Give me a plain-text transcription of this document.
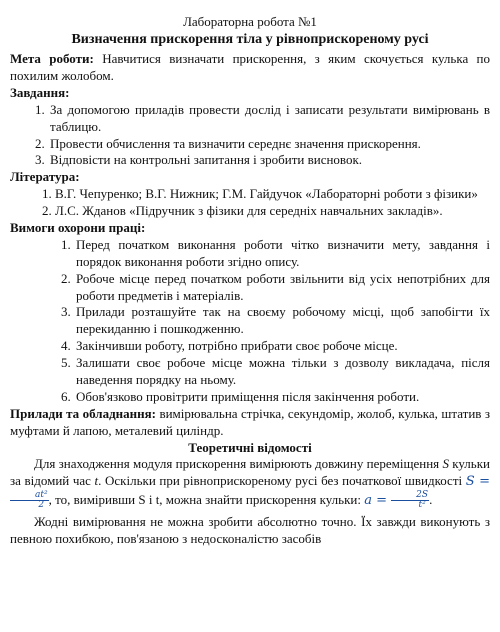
Лабораторна робота №1
Визначення прискорення тіла у рівноприскореному русі

Мета роботи: Навчитися визначати прискорення, з яким скочується кулька по похилим жолобом.

Завдання:
1. За допомогою приладів провести дослід і записати результати вимірювань в таблицю.
2. Провести обчислення та визначити середнє значення прискорення.
3. Відповісти на контрольні запитання і зробити висновок.
Література:
1. В.Г. Чепуренко; В.Г. Нижник; Г.М. Гайдучок «Лабораторні роботи з фізики»
2. Л.С. Жданов «Підручник з фізики для середніх навчальних закладів».
Вимоги охорони праці:
1. Перед початком виконання роботи чітко визначити мету, завдання і порядок виконання роботи згідно опису.
2. Робоче місце перед початком роботи звільнити від усіх непотрібних для роботи предметів і матеріалів.
3. Прилади розташуйте так на своєму робочому місці, щоб запобігти їх перекиданню і пошкодженню.
4. Закінчивши роботу, потрібно прибрати своє робоче місце.
5. Залишати своє робоче місце можна тільки з дозволу викладача, після наведення порядку на ньому.
6. Обов'язково провітрити приміщення після закінчення роботи.

Прилади та обладнання: вимірювальна стрічка, секундомір, жолоб, кулька, штатив з муфтами й лапою, металевий циліндр.

Теоретичні відомості

Для знаходження модуля прискорення вимірюють довжину переміщення S кульки за відомий час t. Оскільки при рівноприскореному русі без початкової швидкості S =
$\frac{\text{at²}}{2}$ , то, виміривши S і t, можна знайти прискорення кульки: $a = \frac{2S}{\text{t²}}$ .

Жодні вимірювання не можна зробити абсолютно точно. Їх завжди виконують з певною похибкою, пов'язаною з недосконалістю засобів
